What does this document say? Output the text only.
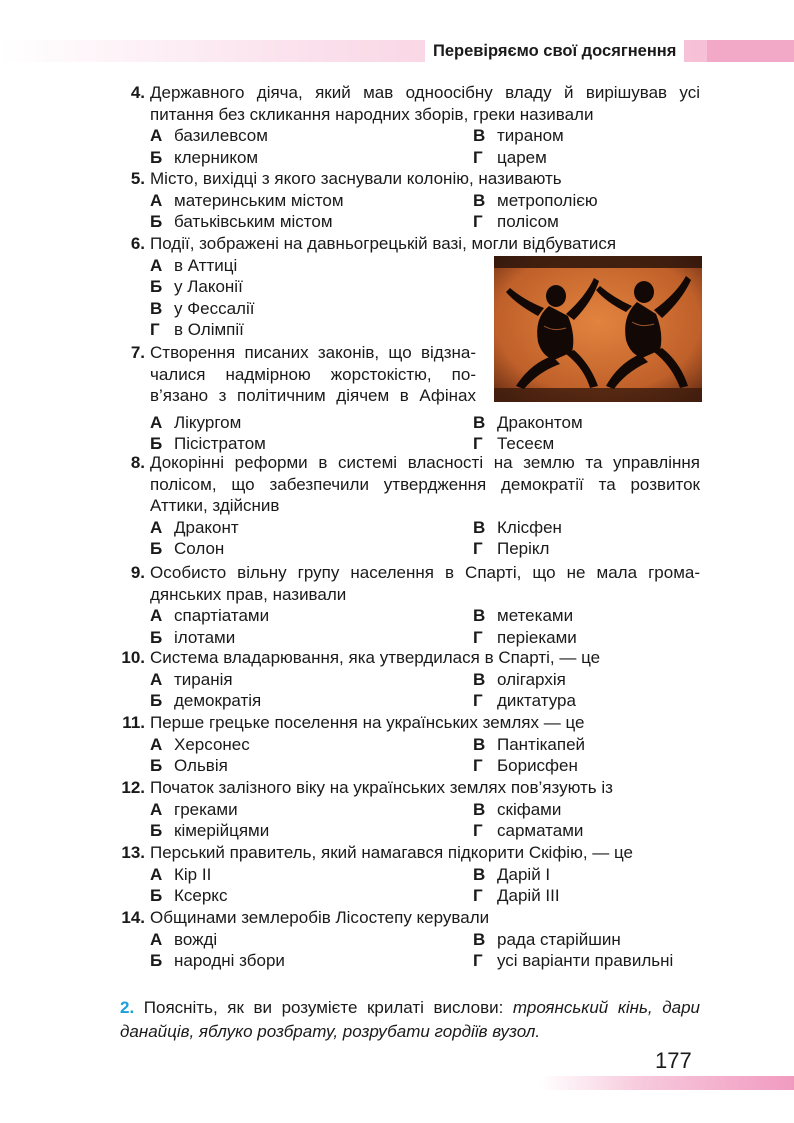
Перевіряємо свої досягнення
4. Державного діяча, який мав одноосібну владу й вирішував усі
питання без скликання народних зборів, греки називали
А базилевсом	В тираном
Б клерником	Г царем
5. Місто, вихідці з якого заснували колонію, називають
А материнським містом	В метрополією
Б батьківським містом	Г полісом
6. Події, зображені на давньогрецькій вазі, могли відбуватися
А в Аттиці
Б у Лаконії
В у Фессалії
Г в Олімпії
7. Створення писаних законів, що відзна-
чалися надмірною жорстокістю, по-
в’язано з політичним діячем в Афінах
А Лікургом	В Драконтом
Б Пісістратом	Г Тесеєм
8. Докорінні реформи в системі власності на землю та управління
полісом, що забезпечили утвердження демократії та розвиток
Аттики, здійснив
А Драконт	В Клісфен
Б Солон	Г Перікл
9. Особисто вільну групу населення в Спарті, що не мала грома-
дянських прав, називали
А спартіатами	В метеками
Б ілотами	Г періеками
10. Система владарювання, яка утвердилася в Спарті, — це
А тиранія	В олігархія
Б демократія	Г диктатура
11. Перше грецьке поселення на українських землях — це
А Херсонес	В Пантікапей
Б Ольвія	Г Борисфен
12. Початок залізного віку на українських землях пов’язують із
А греками	В скіфами
Б кімерійцями	Г сарматами
13. Перський правитель, який намагався підкорити Скіфію, — це
А Кір ІІ	В Дарій І
Б Ксеркс	Г Дарій ІІІ
14. Общинами землеробів Лісостепу керували
А вожді	В рада старійшин
Б народні збори	Г усі варіанти правильні
2. Поясніть, як ви розумієте крилаті вислови: троянський кінь, дари данайців, яблуко розбрату, розрубати гордіїв вузол.
177
